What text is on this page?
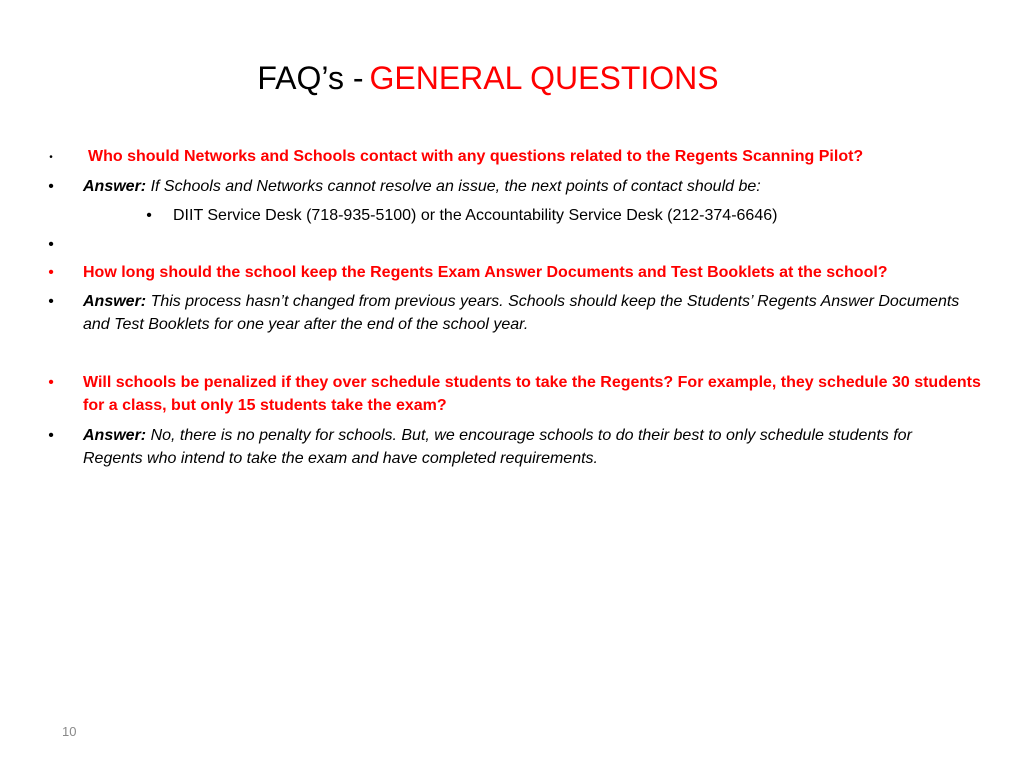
FAQ’s - GENERAL QUESTIONS
• Who should Networks and Schools contact with any questions related to the Regents Scanning Pilot?
• Answer: If Schools and Networks cannot resolve an issue, the next points of contact should be:
• DIIT Service Desk (718-935-5100) or the Accountability Service Desk (212-374-6646)
•
• How long should the school keep the Regents Exam Answer Documents and Test Booklets at the school?
• Answer: This process hasn’t changed from previous years. Schools should keep the Students’ Regents Answer Documents and Test Booklets for one year after the end of the school year.
• Will schools be penalized if they over schedule students to take the Regents? For example, they schedule 30 students for a class, but only 15 students take the exam?
• Answer: No, there is no penalty for schools. But, we encourage schools to do their best to only schedule students for Regents who intend to take the exam and have completed requirements.
10
